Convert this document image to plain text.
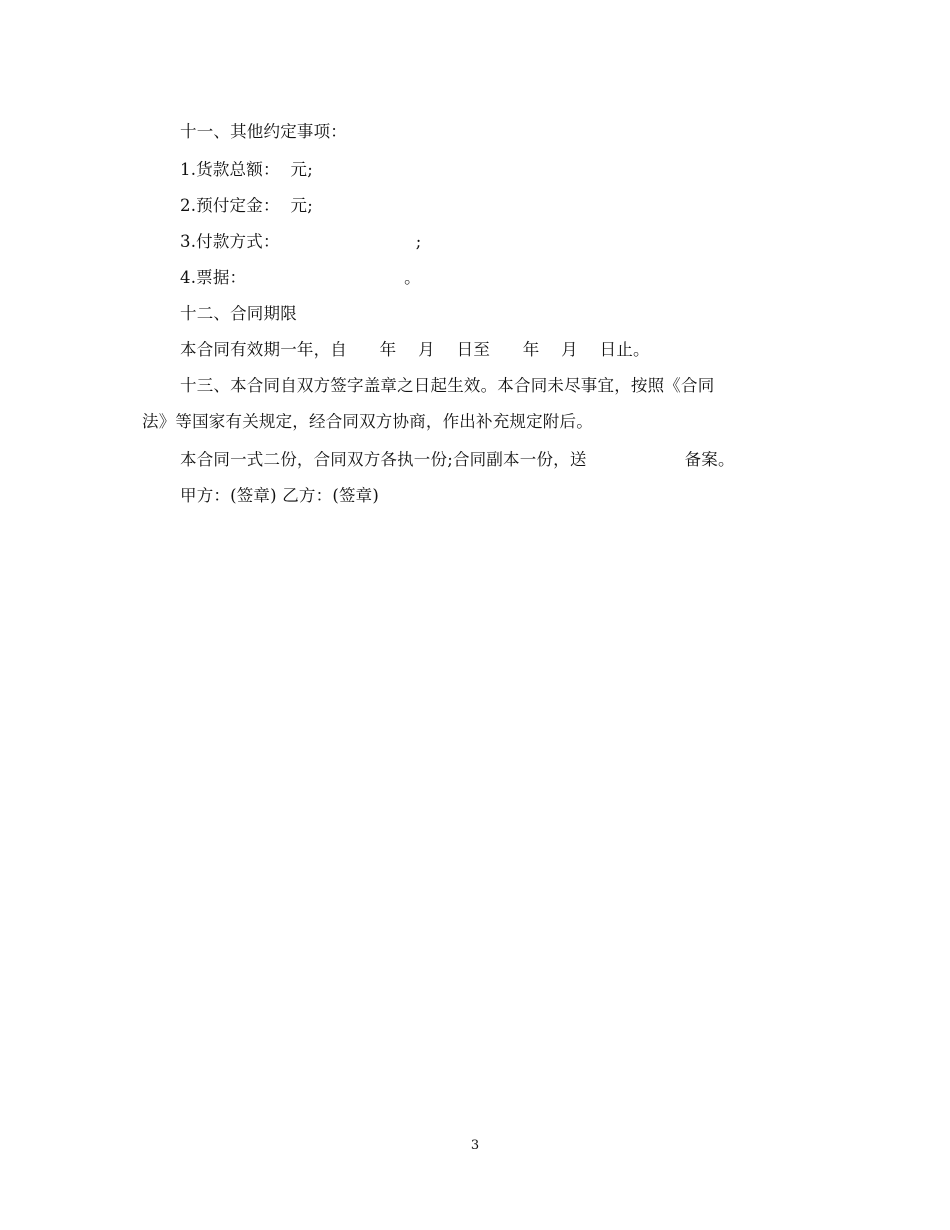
十一、其他约定事项：
1.货款总额：  元;
2.预付定金：  元;
3.付款方式：                         ;
4.票据：                             。
十二、合同期限
本合同有效期一年，自      年    月    日至      年    月    日止。
十三、本合同自双方签字盖章之日起生效。本合同未尽事宜，按照《合同
法》等国家有关规定，经合同双方协商，作出补充规定附后。
本合同一式二份，合同双方各执一份;合同副本一份，送                  备案。
甲方：(签章) 乙方：(签章)
3
